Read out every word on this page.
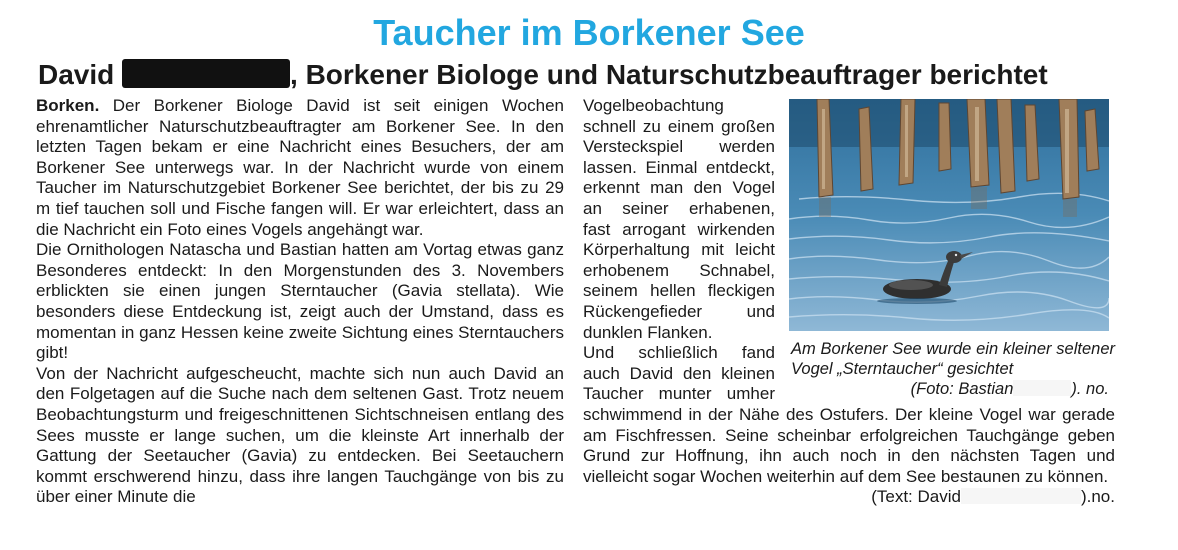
Taucher im Borkener See
David	, Borkener Biologe und Naturschutzbeauftrager berichtet

Borken. Der Borkener Biologe David ist seit einigen Wochen ehrenamtlicher Naturschutzbeauftragter am Borkener See. In den letzten Tagen bekam er eine Nachricht eines Besuchers, der am Borkener See unterwegs war. In der Nachricht wurde von einem Taucher im Naturschutzgebiet Borkener See berichtet, der bis zu 29 m tief tauchen soll und Fische fangen will. Er war erleichtert, dass an die Nachricht ein Foto eines Vogels angehängt war.

Die Ornithologen Natascha und Bastian hatten am Vortag etwas ganz Besonderes entdeckt: In den Morgenstunden des 3. Novembers erblickten sie einen jungen Sterntaucher (Gavia stellata). Wie besonders diese Entdeckung ist, zeigt auch der Umstand, dass es momentan in ganz Hessen keine zweite Sichtung eines Sterntauchers gibt!

Von der Nachricht aufgescheucht, machte sich nun auch David an den Folgetagen auf die Suche nach dem seltenen Gast. Trotz neuem Beobachtungsturm und freigeschnittenen Sichtschneisen entlang des Sees musste er lange suchen, um die kleinste Art innerhalb der Gattung der Seetaucher (Gavia) zu entdecken. Bei Seetauchern kommt erschwerend hinzu, dass ihre langen Tauchgänge von bis zu über einer Minute die

Am Borkener See wurde ein kleiner seltener Vogel „Sterntaucher“ gesichtet
(Foto: Bastian	). no.

Vogelbeobachtung schnell zu einem großen Versteckspiel werden lassen. Einmal entdeckt, erkennt man den Vogel an seiner erhabenen, fast arrogant wirkenden Körperhaltung mit leicht erhobenem Schnabel, seinem hellen fleckigen Rückengefieder und dunklen Flanken.

Und schließlich fand auch David den kleinen Taucher munter umher schwimmend in der Nähe des Ostufers. Der kleine Vogel war gerade am Fischfressen. Seine scheinbar erfolgreichen Tauchgänge geben Grund zur Hoffnung, ihn auch noch in den nächsten Tagen und vielleicht sogar Wochen weiterhin auf dem See bestaunen zu können.

(Text: David	).no.
